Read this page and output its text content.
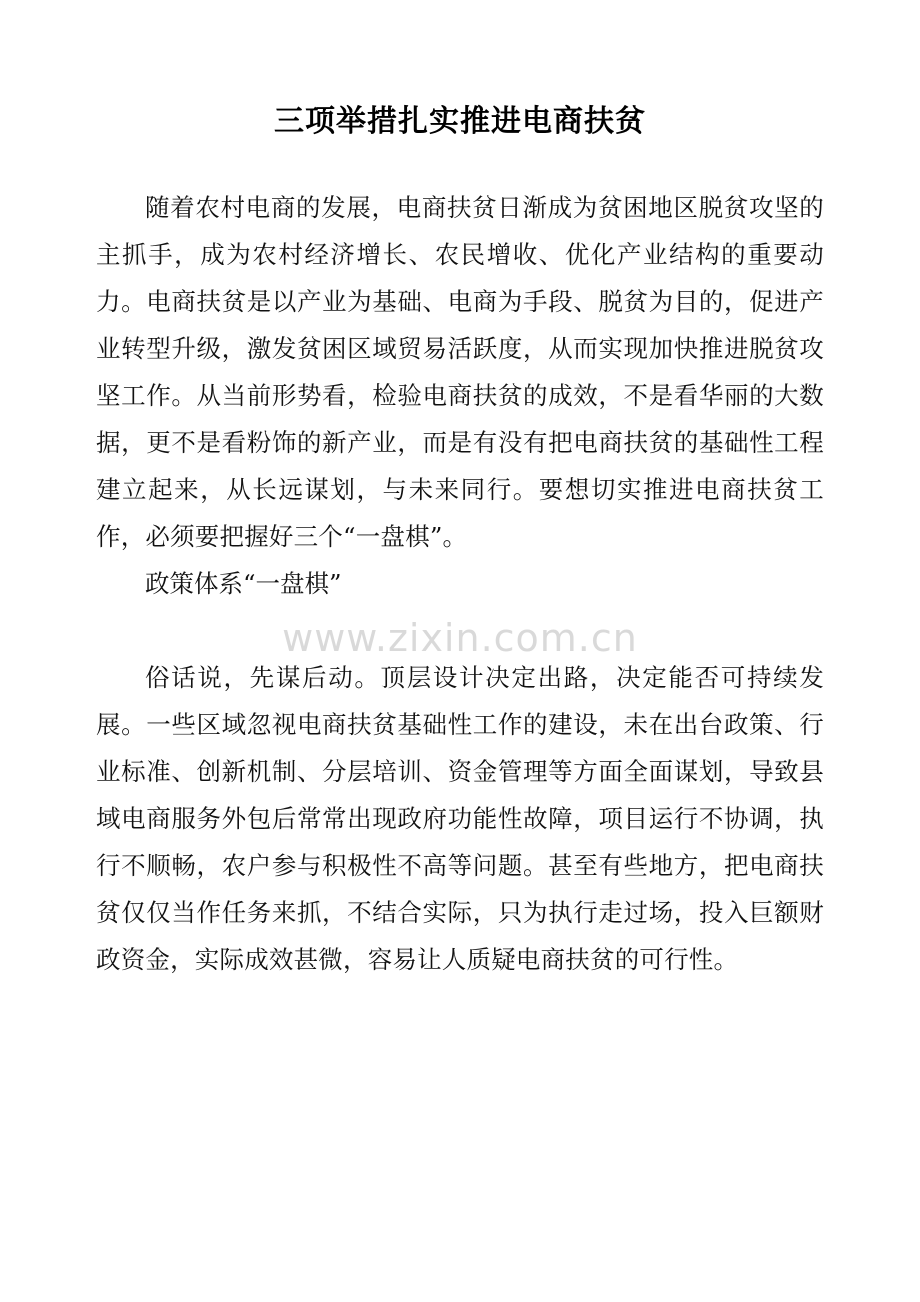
三项举措扎实推进电商扶贫

随着农村电商的发展，电商扶贫日渐成为贫困地区脱贫攻坚的主抓手，成为农村经济增长、农民增收、优化产业结构的重要动力。电商扶贫是以产业为基础、电商为手段、脱贫为目的，促进产业转型升级，激发贫困区域贸易活跃度，从而实现加快推进脱贫攻坚工作。从当前形势看，检验电商扶贫的成效，不是看华丽的大数据，更不是看粉饰的新产业，而是有没有把电商扶贫的基础性工程建立起来，从长远谋划，与未来同行。要想切实推进电商扶贫工作，必须要把握好三个“一盘棋”。

政策体系“一盘棋”

俗话说，先谋后动。顶层设计决定出路，决定能否可持续发展。一些区域忽视电商扶贫基础性工作的建设，未在出台政策、行业标准、创新机制、分层培训、资金管理等方面全面谋划，导致县域电商服务外包后常常出现政府功能性故障，项目运行不协调，执行不顺畅，农户参与积极性不高等问题。甚至有些地方，把电商扶贫仅仅当作任务来抓，不结合实际，只为执行走过场，投入巨额财政资金，实际成效甚微，容易让人质疑电商扶贫的可行性。

www.zixin.com.cn
